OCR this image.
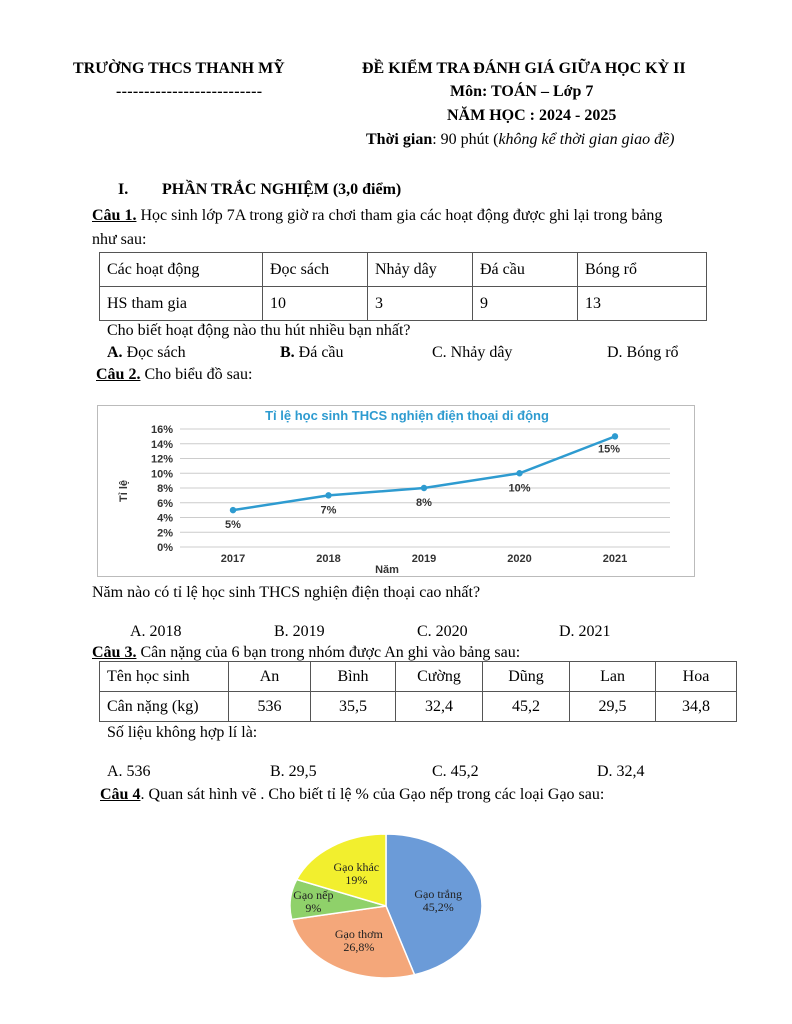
TRƯỜNG THCS THANH MỸ
--------------------------
ĐỀ KIỂM TRA ĐÁNH GIÁ GIỮA HỌC KỲ II
Môn: TOÁN – Lớp 7
NĂM HỌC : 2024 - 2025
Thời gian: 90 phút (không kể thời gian giao đề)
I. PHẦN TRẮC NGHIỆM (3,0 điểm)
Câu 1. Học sinh lớp 7A trong giờ ra chơi tham gia các hoạt động được ghi lại trong bảng
như sau:
Các hoạt động	Đọc sách	Nhảy dây	Đá cầu	Bóng rổ
HS tham gia	10	3	9	13
Cho biết hoạt động nào thu hút nhiều bạn nhất?
A. Đọc sách	B. Đá cầu	C. Nhảy dây	D. Bóng rổ
Câu 2. Cho biểu đồ sau:
Tỉ lệ học sinh THCS nghiện điện thoại di động
0%
2%
4%
6%
8%
10%
12%
14%
16%
2017	2018	2019	2020	2021
5%
7%
8%
10%
15%
Tỉ lệ
Năm
Năm nào có tỉ lệ học sinh THCS nghiện điện thoại cao nhất?
A. 2018	B. 2019	C. 2020	D. 2021
Câu 3. Cân nặng của 6 bạn trong nhóm được An ghi vào bảng sau:
Tên học sinh	An	Bình	Cường	Dũng	Lan	Hoa
Cân nặng (kg)	536	35,5	32,4	45,2	29,5	34,8
Số liệu không hợp lí là:
A. 536	B. 29,5	C. 45,2	D. 32,4
Câu 4. Quan sát hình vẽ . Cho biết tỉ lệ % của Gạo nếp trong các loại Gạo sau:
Gạo trắng
45,2%
Gạo thơm
26,8%
Gạo nếp
9%
Gạo khác
19%
